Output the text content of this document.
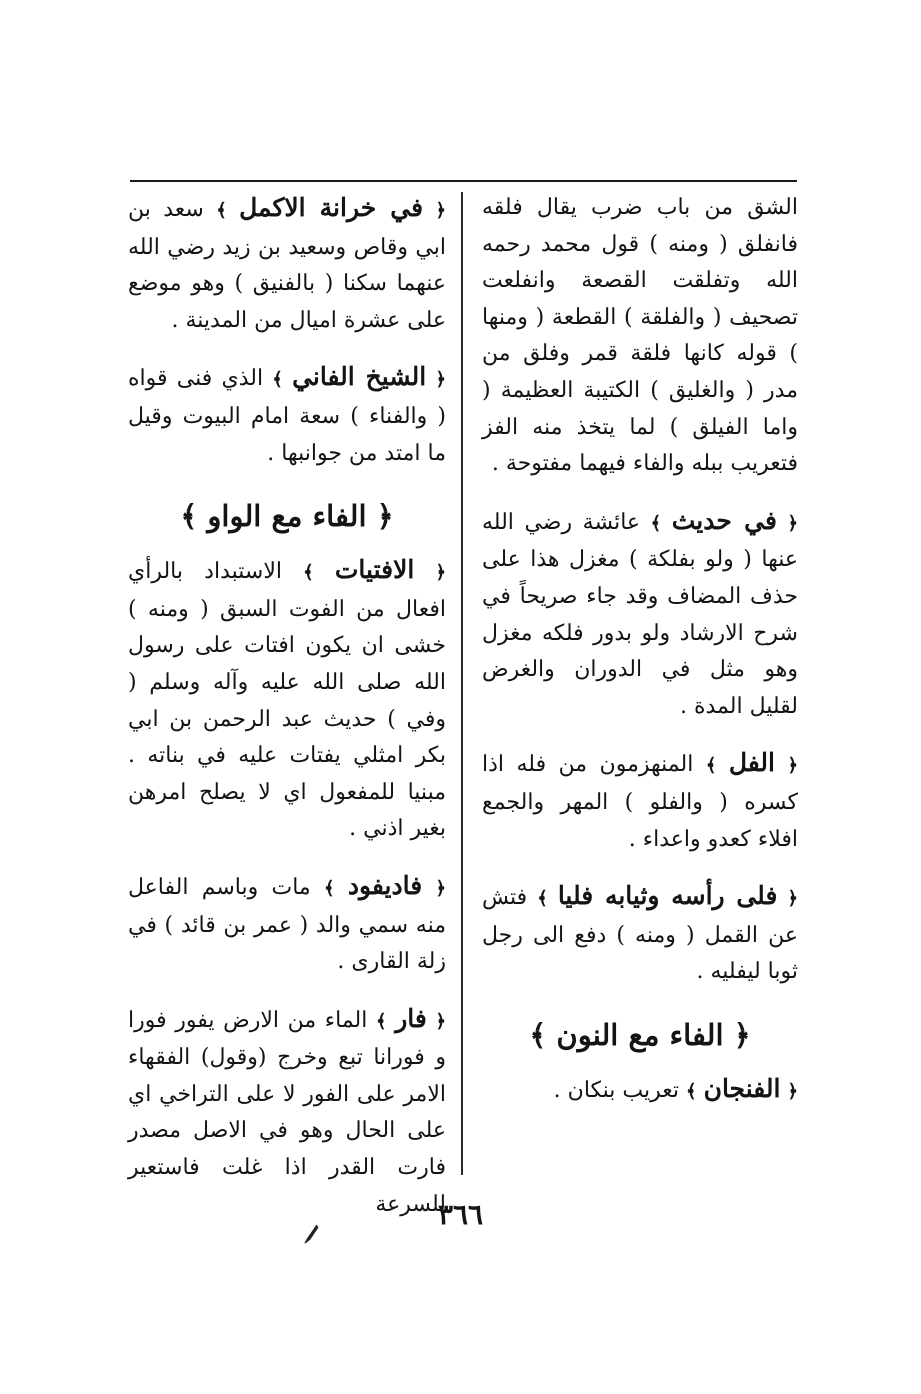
الشق من باب ضرب يقال فلقه فانفلق ( ومنه ) قول محمد رحمه الله وتفلقت القصعة وانفلعت تصحيف ( والفلقة ) القطعة ( ومنها ) قوله كانها فلقة قمر وفلق من مدر ( والغليق ) الكتيبة العظيمة ( واما الفيلق ) لما يتخذ منه الفز فتعريب ببله والفاء فيهما مفتوحة .

﴿ في حديث ﴾ عائشة رضي الله عنها ( ولو بفلكة ) مغزل هذا على حذف المضاف وقد جاء صريحاً في شرح الارشاد ولو بدور فلكه مغزل وهو مثل في الدوران والغرض لقليل المدة .

﴿ الفل ﴾ المنهزمون من فله اذا كسره ( والفلو ) المهر والجمع افلاء كعدو واعداء .

﴿ فلى رأسه وثيابه فليا ﴾ فتش عن القمل ( ومنه ) دفع الى رجل ثوبا ليفليه .

﴿ الفاء مع النون ﴾

﴿ الفنجان ﴾ تعريب بنكان .

﴿ في خرانة الاكمل ﴾ سعد بن ابي وقاص وسعيد بن زيد رضي الله عنهما سكنا ( بالفنيق ) وهو موضع على عشرة اميال من المدينة .

﴿ الشيخ الفاني ﴾ الذي فنى قواه ( والفناء ) سعة امام البيوت وقيل ما امتد من جوانبها .

﴿ الفاء مع الواو ﴾

﴿ الافتيات ﴾ الاستبداد بالرأي افعال من الفوت السبق ( ومنه ) خشى ان يكون افتات على رسول الله صلى الله عليه وآله وسلم ( وفي ) حديث عبد الرحمن بن ابي بكر امثلي يفتات عليه في بناته . مبنيا للمفعول اي لا يصلح امرهن بغير اذني .

﴿ فاديفود ﴾ مات وباسم الفاعل منه سمي والد ( عمر بن قائد ) في زلة القارى .

﴿ فار ﴾ الماء من الارض يفور فورا و فورانا تبع وخرج (وقول) الفقهاء الامر على الفور لا على التراخي اي على الحال وهو في الاصل مصدر فارت القدر اذا غلت فاستعير للسرعة

٣٦٦
